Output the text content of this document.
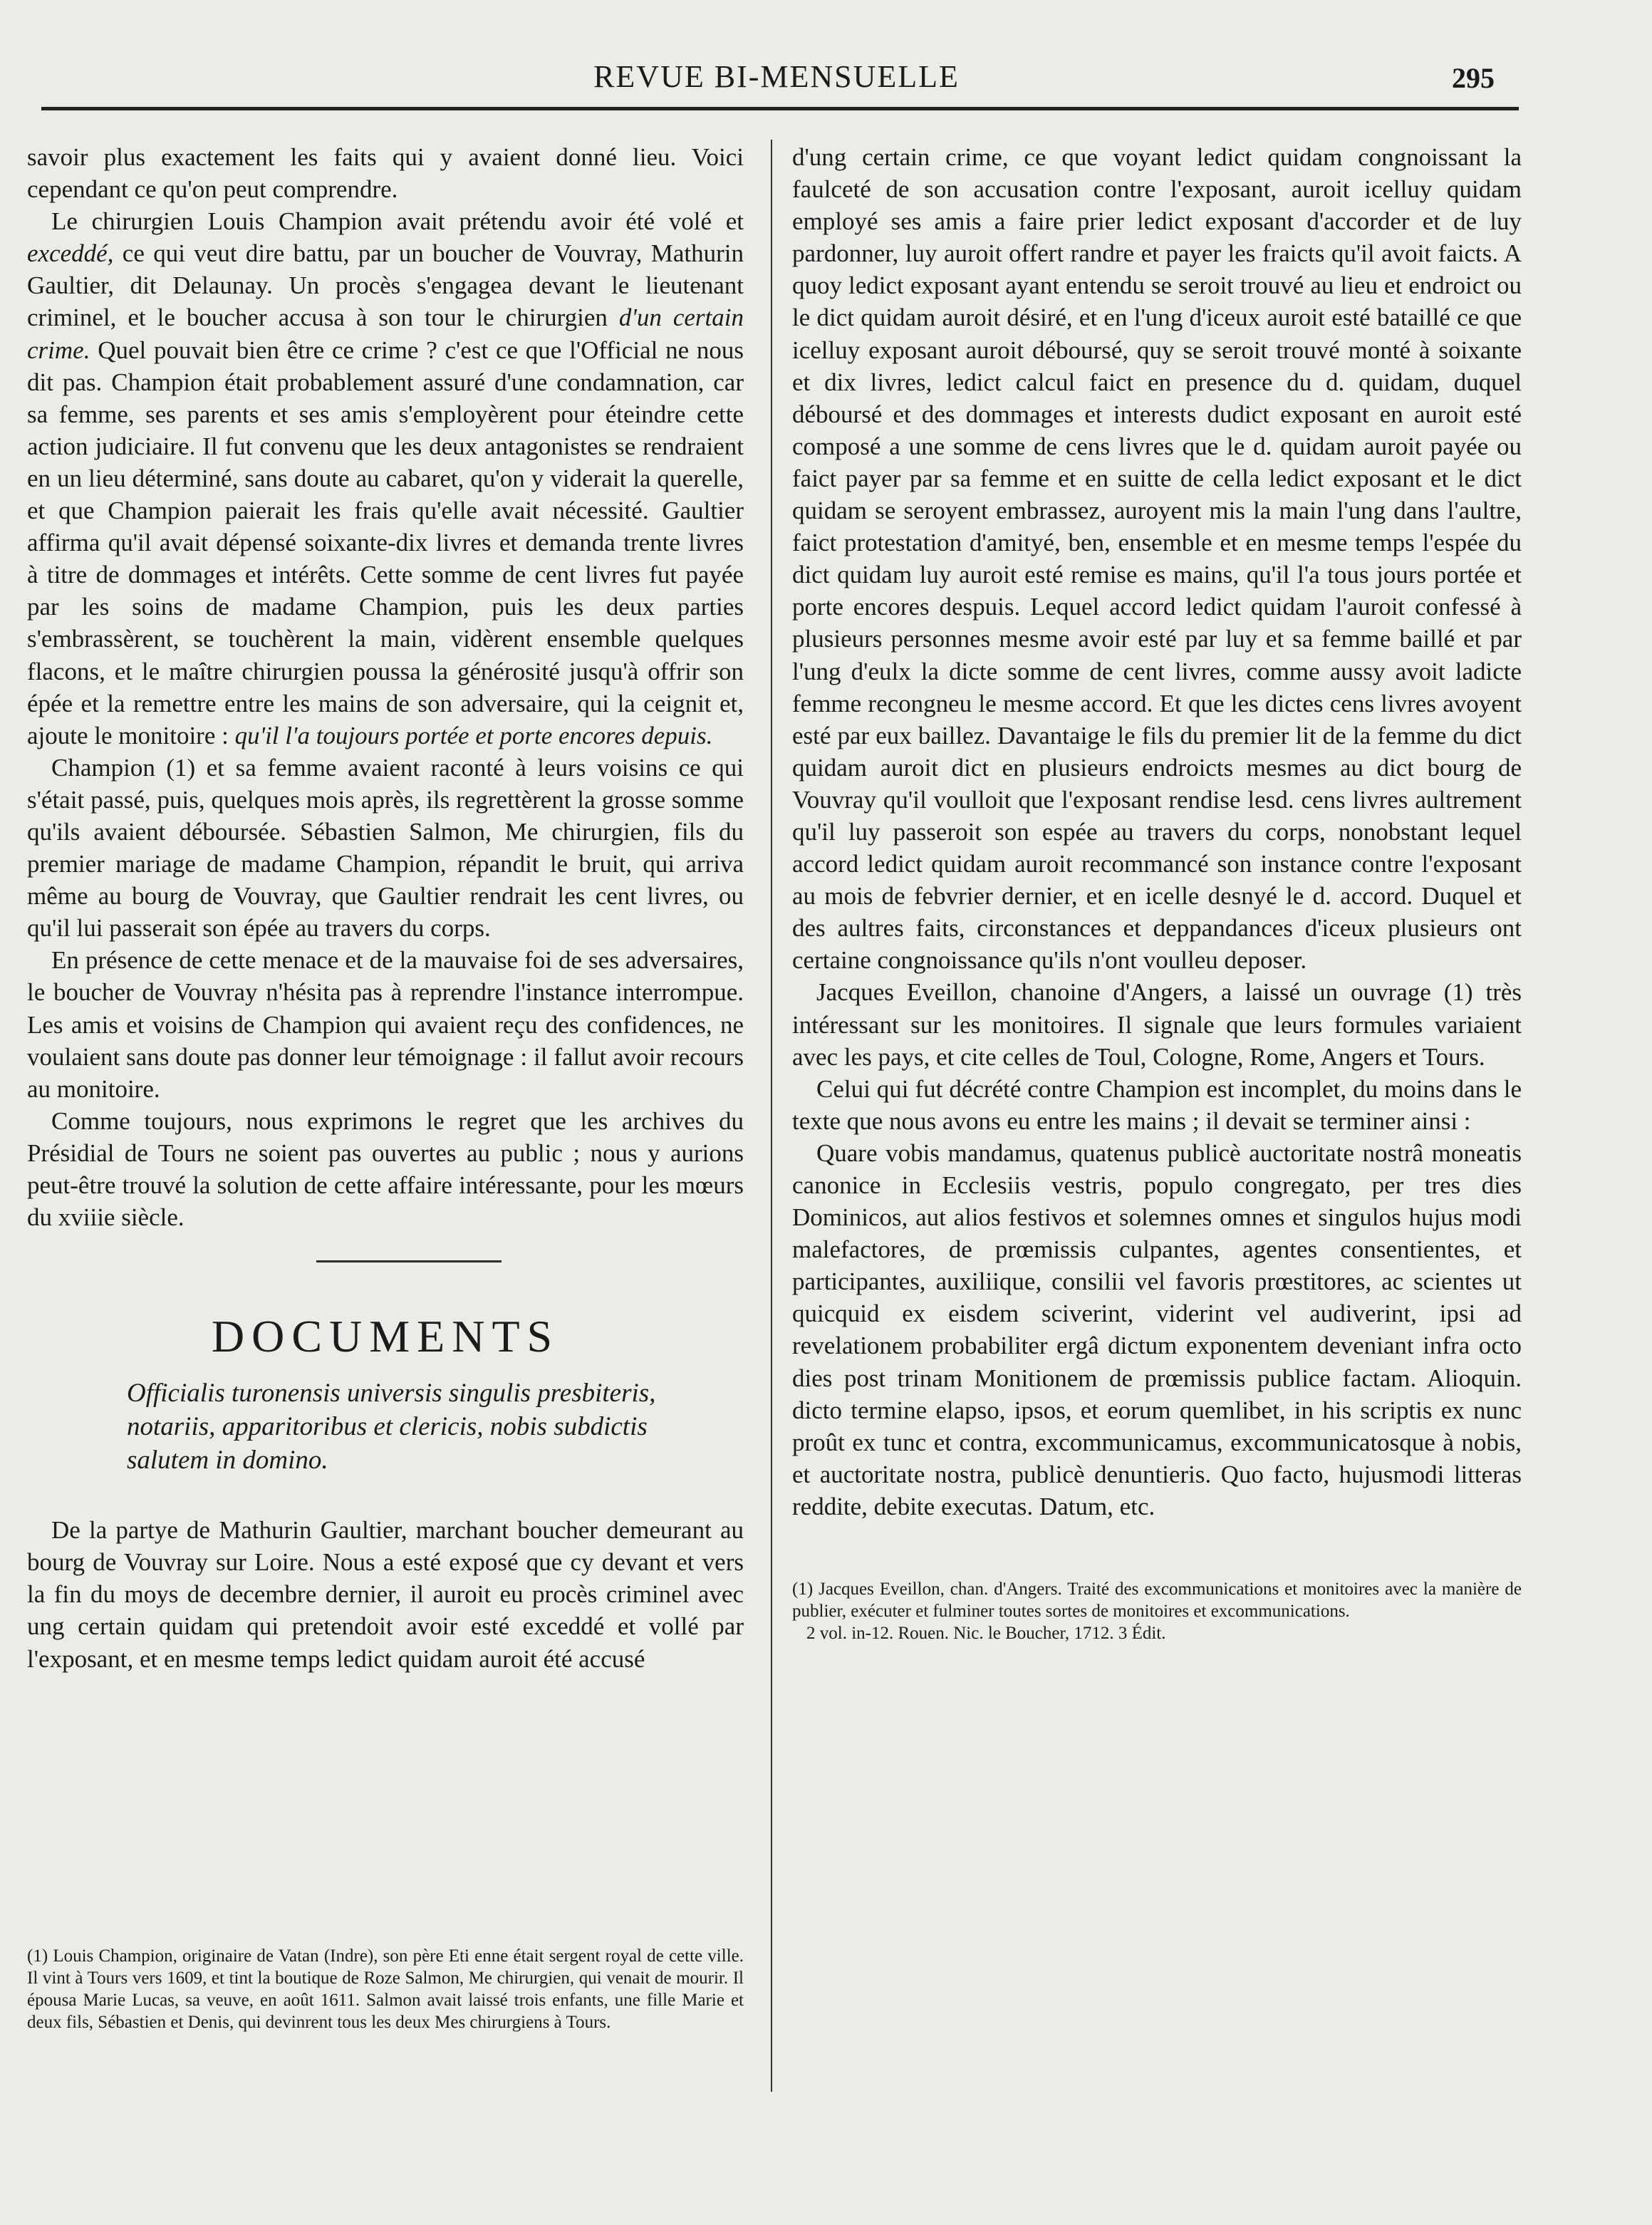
REVUE BI-MENSUELLE	295

savoir plus exactement les faits qui y avaient donné lieu. Voici cependant ce qu'on peut comprendre.

Le chirurgien Louis Champion avait prétendu avoir été volé et exceddé, ce qui veut dire battu, par un boucher de Vouvray, Mathurin Gaultier, dit Delaunay. Un procès s'engagea devant le lieutenant criminel, et le boucher accusa à son tour le chirurgien d'un certain crime. Quel pouvait bien être ce crime ? c'est ce que l'Official ne nous dit pas. Champion était probablement assuré d'une condamnation, car sa femme, ses parents et ses amis s'employèrent pour éteindre cette action judiciaire. Il fut convenu que les deux antagonistes se rendraient en un lieu déterminé, sans doute au cabaret, qu'on y viderait la querelle, et que Champion paierait les frais qu'elle avait nécessité. Gaultier affirma qu'il avait dépensé soixante-dix livres et demanda trente livres à titre de dommages et intérêts. Cette somme de cent livres fut payée par les soins de madame Champion, puis les deux parties s'embrassèrent, se touchèrent la main, vidèrent ensemble quelques flacons, et le maître chirurgien poussa la générosité jusqu'à offrir son épée et la remettre entre les mains de son adversaire, qui la ceignit et, ajoute le monitoire : qu'il l'a toujours portée et porte encores depuis.

Champion (1) et sa femme avaient raconté à leurs voisins ce qui s'était passé, puis, quelques mois après, ils regrettèrent la grosse somme qu'ils avaient déboursée. Sébastien Salmon, Me chirurgien, fils du premier mariage de madame Champion, répandit le bruit, qui arriva même au bourg de Vouvray, que Gaultier rendrait les cent livres, ou qu'il lui passerait son épée au travers du corps.

En présence de cette menace et de la mauvaise foi de ses adversaires, le boucher de Vouvray n'hésita pas à reprendre l'instance interrompue. Les amis et voisins de Champion qui avaient reçu des confidences, ne voulaient sans doute pas donner leur témoignage : il fallut avoir recours au monitoire.

Comme toujours, nous exprimons le regret que les archives du Présidial de Tours ne soient pas ouvertes au public ; nous y aurions peut-être trouvé la solution de cette affaire intéressante, pour les mœurs du xviiie siècle.

DOCUMENTS
Officialis turonensis universis singulis presbiteris, notariis, apparitoribus et clericis, nobis subdictis salutem in domino.

De la partye de Mathurin Gaultier, marchant boucher demeurant au bourg de Vouvray sur Loire. Nous a esté exposé que cy devant et vers la fin du moys de decembre dernier, il auroit eu procès criminel avec ung certain quidam qui pretendoit avoir esté exceddé et vollé par l'exposant, et en mesme temps ledict quidam auroit été accusé

(1) Louis Champion, originaire de Vatan (Indre), son père Eti enne était sergent royal de cette ville. Il vint à Tours vers 1609, et tint la boutique de Roze Salmon, Me chirurgien, qui venait de mourir. Il épousa Marie Lucas, sa veuve, en août 1611. Salmon avait laissé trois enfants, une fille Marie et deux fils, Sébastien et Denis, qui devinrent tous les deux Mes chirurgiens à Tours.

d'ung certain crime, ce que voyant ledict quidam congnoissant la faulceté de son accusation contre l'exposant, auroit icelluy quidam employé ses amis a faire prier ledict exposant d'accorder et de luy pardonner, luy auroit offert randre et payer les fraicts qu'il avoit faicts. A quoy ledict exposant ayant entendu se seroit trouvé au lieu et endroict ou le dict quidam auroit désiré, et en l'ung d'iceux auroit esté bataillé ce que icelluy exposant auroit déboursé, quy se seroit trouvé monté à soixante et dix livres, ledict calcul faict en presence du d. quidam, duquel déboursé et des dommages et interests dudict exposant en auroit esté composé a une somme de cens livres que le d. quidam auroit payée ou faict payer par sa femme et en suitte de cella ledict exposant et le dict quidam se seroyent embrassez, auroyent mis la main l'ung dans l'aultre, faict protestation d'amityé, ben, ensemble et en mesme temps l'espée du dict quidam luy auroit esté remise es mains, qu'il l'a tous jours portée et porte encores despuis. Lequel accord ledict quidam l'auroit confessé à plusieurs personnes mesme avoir esté par luy et sa femme baillé et par l'ung d'eulx la dicte somme de cent livres, comme aussy avoit ladicte femme recongneu le mesme accord. Et que les dictes cens livres avoyent esté par eux baillez. Davantaige le fils du premier lit de la femme du dict quidam auroit dict en plusieurs endroicts mesmes au dict bourg de Vouvray qu'il voulloit que l'exposant rendise lesd. cens livres aultrement qu'il luy passeroit son espée au travers du corps, nonobstant lequel accord ledict quidam auroit recommancé son instance contre l'exposant au mois de febvrier dernier, et en icelle desnyé le d. accord. Duquel et des aultres faits, circonstances et deppandances d'iceux plusieurs ont certaine congnoissance qu'ils n'ont voulleu deposer.

Jacques Eveillon, chanoine d'Angers, a laissé un ouvrage (1) très intéressant sur les monitoires. Il signale que leurs formules variaient avec les pays, et cite celles de Toul, Cologne, Rome, Angers et Tours.

Celui qui fut décrété contre Champion est incomplet, du moins dans le texte que nous avons eu entre les mains ; il devait se terminer ainsi :

Quare vobis mandamus, quatenus publicè auctoritate nostrâ moneatis canonice in Ecclesiis vestris, populo congregato, per tres dies Dominicos, aut alios festivos et solemnes omnes et singulos hujus modi malefactores, de prœmissis culpantes, agentes consentientes, et participantes, auxiliique, consilii vel favoris prœstitores, ac scientes ut quicquid ex eisdem sciverint, viderint vel audiverint, ipsi ad revelationem probabiliter ergâ dictum exponentem deveniant infra octo dies post trinam Monitionem de prœmissis publice factam. Alioquin. dicto termine elapso, ipsos, et eorum quemlibet, in his scriptis ex nunc proût ex tunc et contra, excommunicamus, excommunicatosque à nobis, et auctoritate nostra, publicè denuntieris. Quo facto, hujusmodi litteras reddite, debite executas. Datum, etc.

(1) Jacques Eveillon, chan. d'Angers. Traité des excommunications et monitoires avec la manière de publier, exécuter et fulminer toutes sortes de monitoires et excommunications.
2 vol. in-12. Rouen. Nic. le Boucher, 1712. 3 Édit.
